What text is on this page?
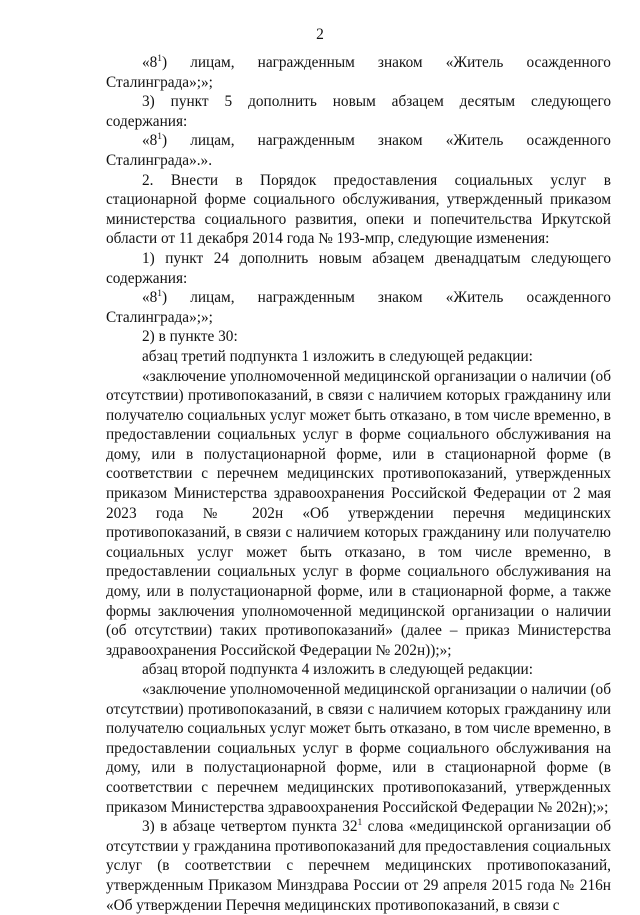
2
«$8^1$) лицам, награжденным знаком «Житель осажденного

Сталинграда»;»;

3) пункт 5 дополнить новым абзацем десятым следующего содержания:

«$8^1$) лицам, награжденным знаком «Житель осажденного

Сталинграда».».

2. Внести в Порядок предоставления социальных услуг в стационарной форме социального обслуживания, утвержденный приказом министерства социального развития, опеки и попечительства Иркутской области от 11 декабря 2014 года № 193-мпр, следующие изменения:

1) пункт 24 дополнить новым абзацем двенадцатым следующего содержания:

«$8^1$) лицам, награжденным знаком «Житель осажденного

Сталинграда»;»;

2) в пункте 30:

абзац третий подпункта 1 изложить в следующей редакции:

«заключение уполномоченной медицинской организации о наличии (об отсутствии) противопоказаний, в связи с наличием которых гражданину или получателю социальных услуг может быть отказано, в том числе временно, в предоставлении социальных услуг в форме социального обслуживания на дому, или в полустационарной форме, или в стационарной форме (в соответствии с перечнем медицинских противопоказаний, утвержденных приказом Министерства здравоохранения Российской Федерации от 2 мая 2023 года № 202н «Об утверждении перечня медицинских противопоказаний, в связи с наличием которых гражданину или получателю социальных услуг может быть отказано, в том числе временно, в предоставлении социальных услуг в форме социального обслуживания на дому, или в полустационарной форме, или в стационарной форме, а также формы заключения уполномоченной медицинской организации о наличии (об отсутствии) таких противопоказаний» (далее – приказ Министерства здравоохранения Российской Федерации № 202н));»;

абзац второй подпункта 4 изложить в следующей редакции:

«заключение уполномоченной медицинской организации о наличии (об отсутствии) противопоказаний, в связи с наличием которых гражданину или получателю социальных услуг может быть отказано, в том числе временно, в предоставлении социальных услуг в форме социального обслуживания на дому, или в полустационарной форме, или в стационарной форме (в соответствии с перечнем медицинских противопоказаний, утвержденных приказом Министерства здравоохранения Российской Федерации № 202н);»;

3) в абзаце четвертом пункта $32^1$ слова «медицинской организации об отсутствии у гражданина противопоказаний для предоставления социальных услуг (в соответствии с перечнем медицинских противопоказаний, утвержденным Приказом Минздрава России от 29 апреля 2015 года № 216н «Об утверждении Перечня медицинских противопоказаний, в связи с
